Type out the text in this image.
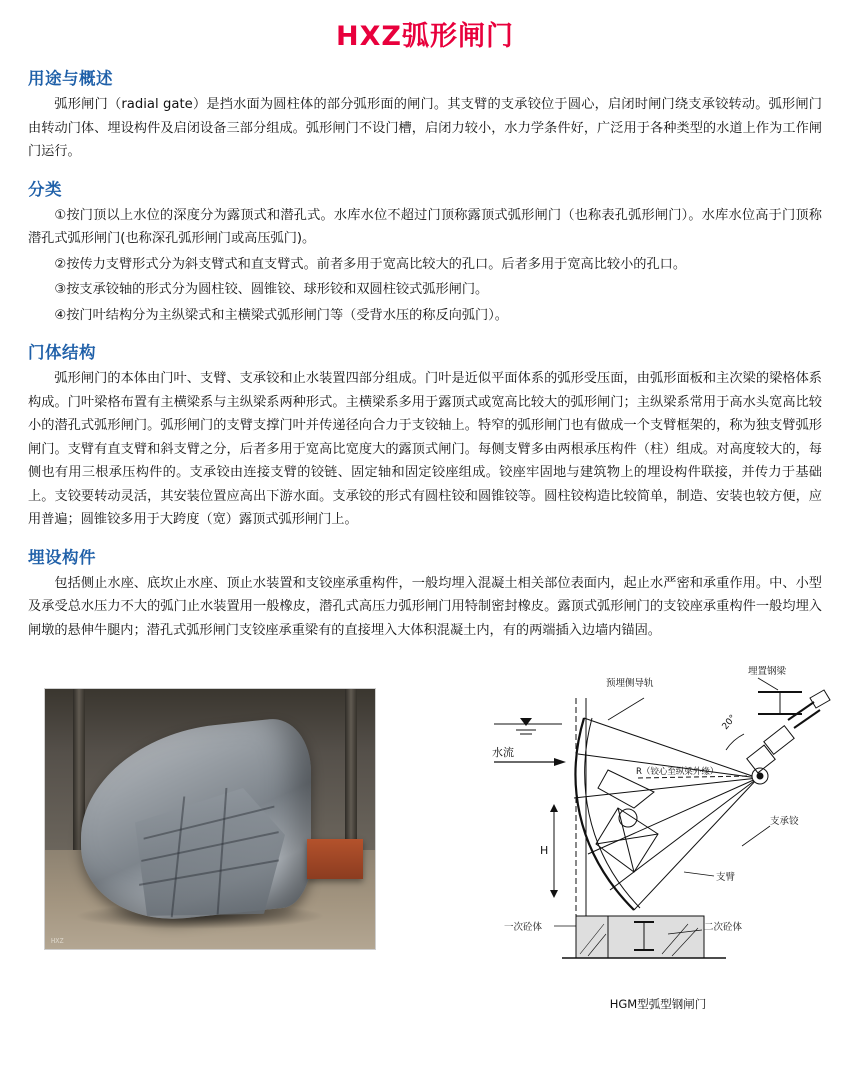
HXZ弧形闸门
用途与概述

弧形闸门（radial gate）是挡水面为圆柱体的部分弧形面的闸门。其支臂的支承铰位于圆心，启闭时闸门绕支承铰转动。弧形闸门由转动门体、埋设构件及启闭设备三部分组成。弧形闸门不设门槽，启闭力较小，水力学条件好，广泛用于各种类型的水道上作为工作闸门运行。

分类

①按门顶以上水位的深度分为露顶式和潜孔式。水库水位不超过门顶称露顶式弧形闸门（也称表孔弧形闸门）。水库水位高于门顶称潜孔式弧形闸门(也称深孔弧形闸门或高压弧门)。

②按传力支臂形式分为斜支臂式和直支臂式。前者多用于宽高比较大的孔口。后者多用于宽高比较小的孔口。

③按支承铰轴的形式分为圆柱铰、圆锥铰、球形铰和双圆柱铰式弧形闸门。

④按门叶结构分为主纵梁式和主横梁式弧形闸门等（受背水压的称反向弧门）。

门体结构

弧形闸门的本体由门叶、支臂、支承铰和止水装置四部分组成。门叶是近似平面体系的弧形受压面，由弧形面板和主次梁的梁格体系构成。门叶梁格布置有主横梁系与主纵梁系两种形式。主横梁系多用于露顶式或宽高比较大的弧形闸门；主纵梁系常用于高水头宽高比较小的潜孔式弧形闸门。弧形闸门的支臂支撑门叶并传递径向合力于支铰轴上。特窄的弧形闸门也有做成一个支臂框架的，称为独支臂弧形闸门。支臂有直支臂和斜支臂之分，后者多用于宽高比宽度大的露顶式闸门。每侧支臂多由两根承压构件（柱）组成。对高度较大的，每侧也有用三根承压构件的。支承铰由连接支臂的铰链、固定轴和固定铰座组成。铰座牢固地与建筑物上的埋设构件联接，并传力于基础上。支铰要转动灵活，其安装位置应高出下游水面。支承铰的形式有圆柱铰和圆锥铰等。圆柱铰构造比较简单，制造、安装也较方便，应用普遍；圆锥铰多用于大跨度（宽）露顶式弧形闸门上。

埋设构件

包括侧止水座、底坎止水座、顶止水装置和支铰座承重构件，一般均埋入混凝土相关部位表面内，起止水严密和承重作用。中、小型及承受总水压力不大的弧门止水装置用一般橡皮，潜孔式高压力弧形闸门用特制密封橡皮。露顶式弧形闸门的支铰座承重构件一般均埋入闸墩的悬伸牛腿内；潜孔式弧形闸门支铰座承重梁有的直接埋入大体积混凝土内，有的两端插入边墙内锚固。

HXZ
预埋侧导轨
埋置钢梁
水流
R（铰心至纵梁外缘）
20°
支承铰
支臂
H
一次砼体	二次砼体
HGM型弧型钢闸门
